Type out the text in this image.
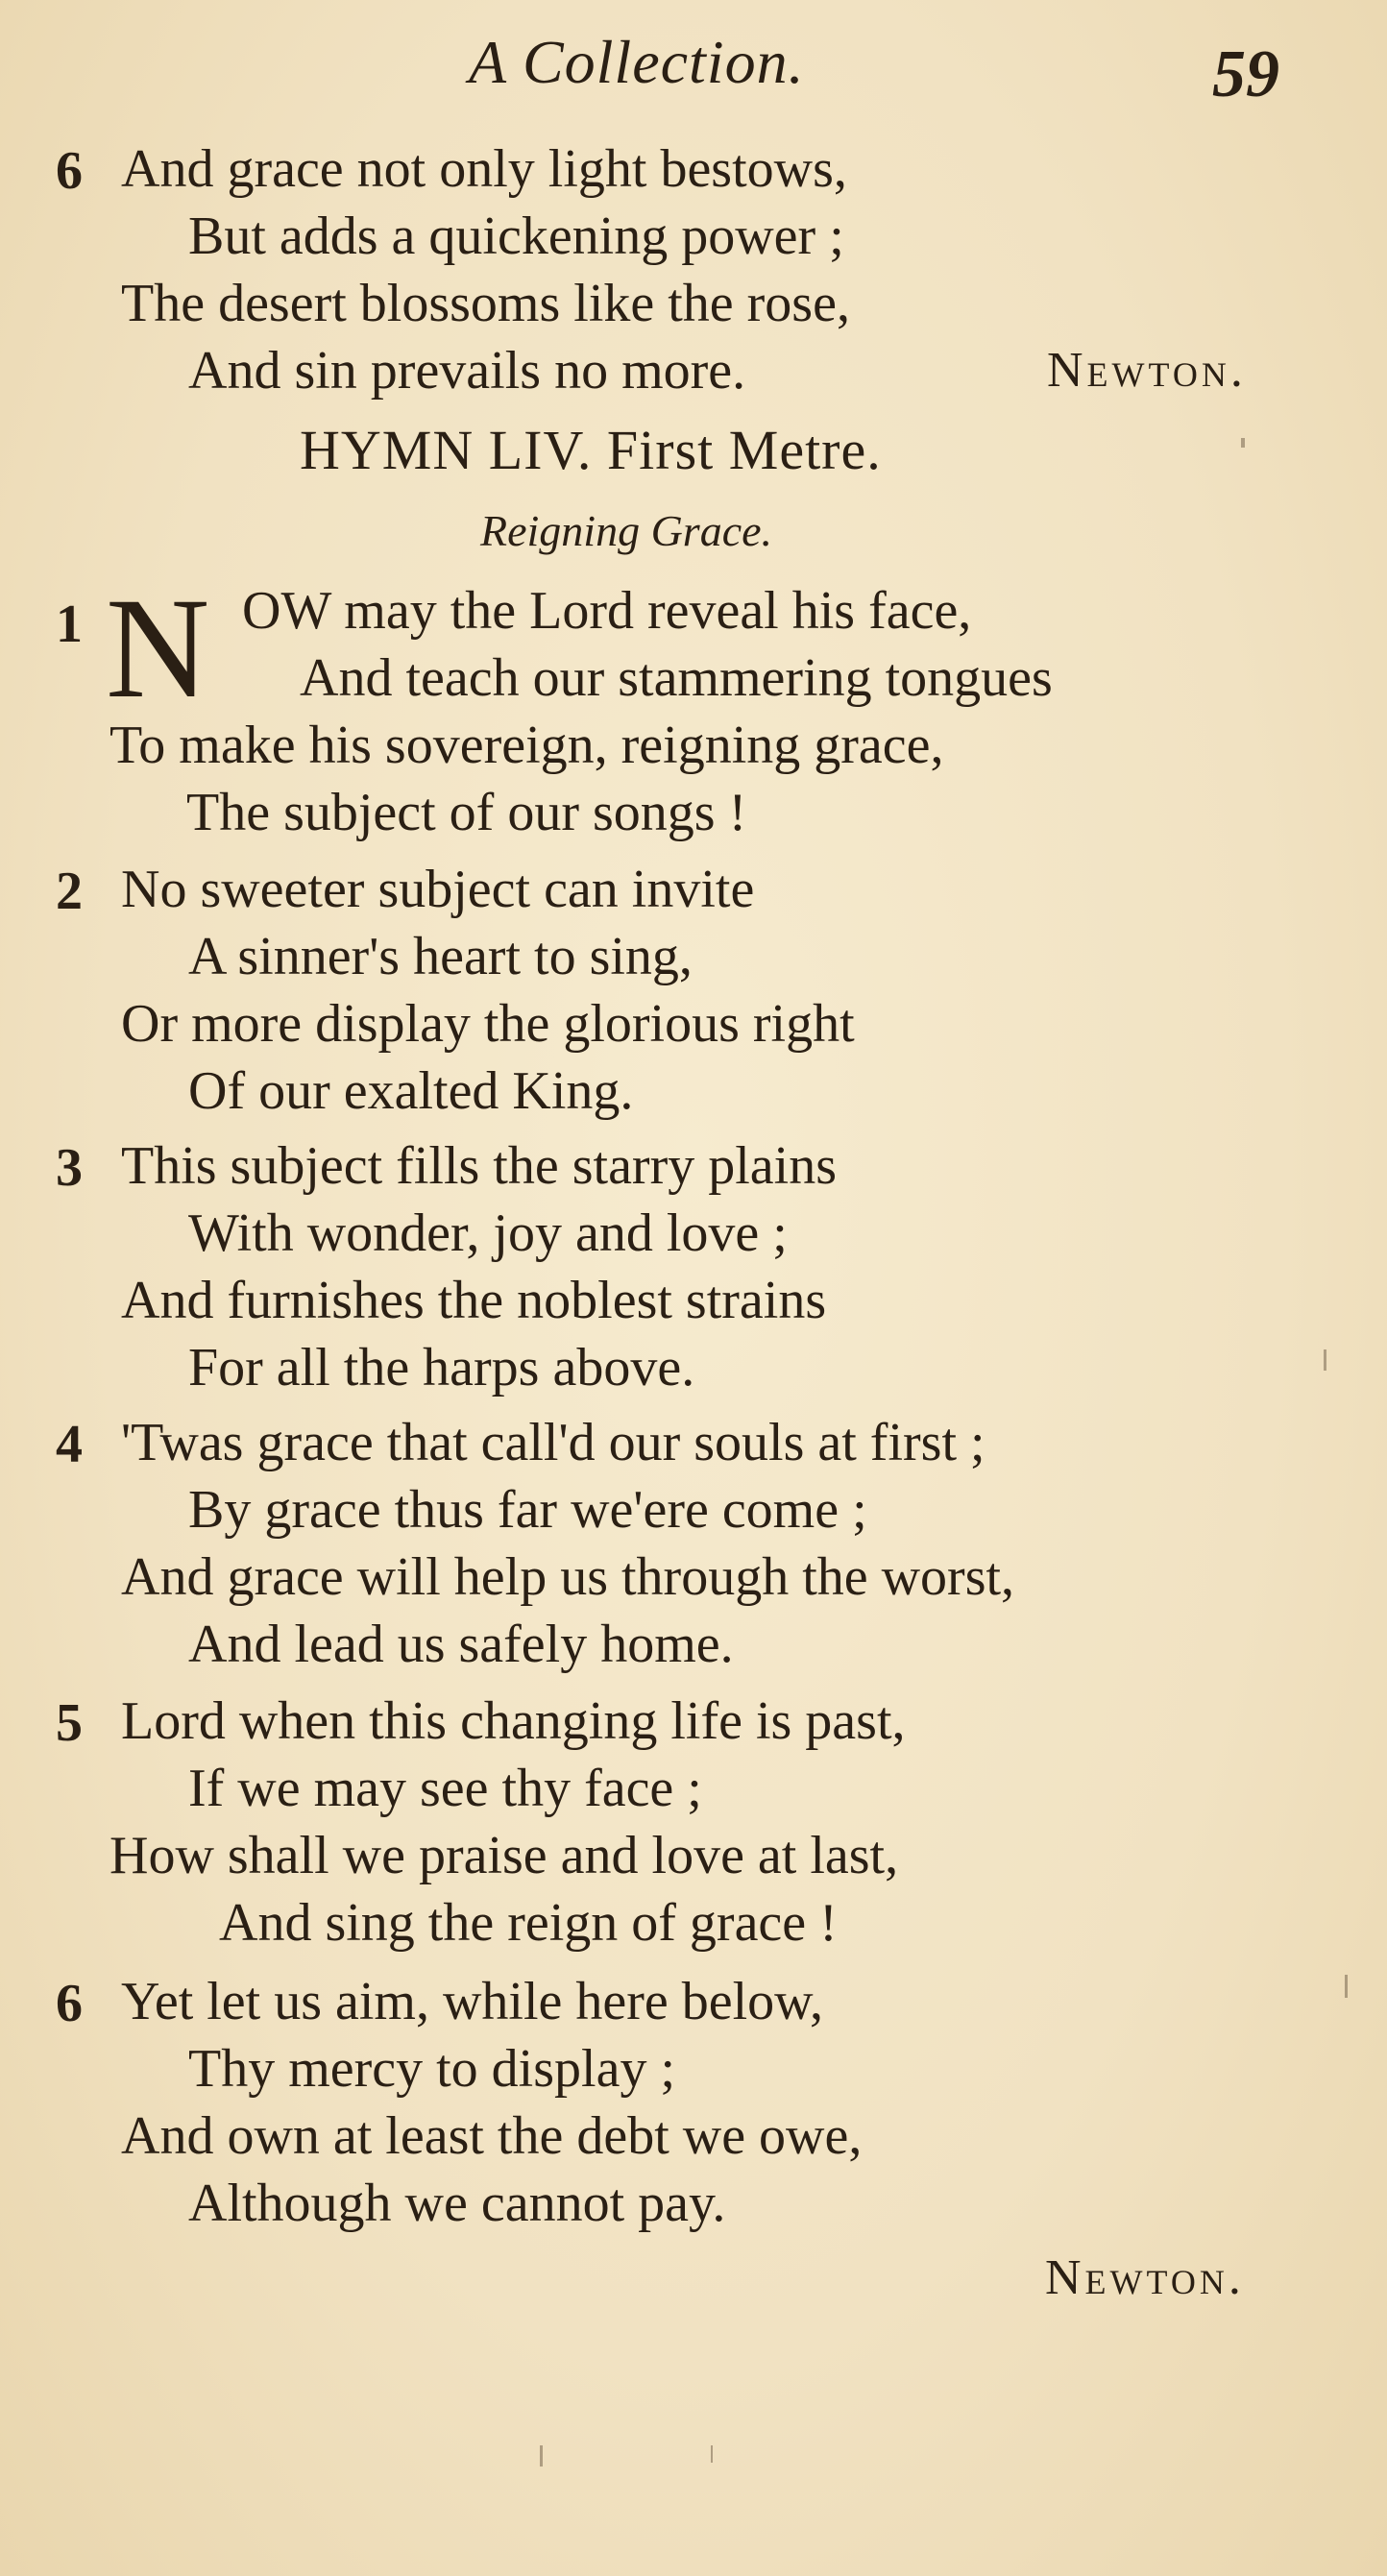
A Collection.	59
6 And grace not only light bestows,
But adds a quickening power ;
The desert blossoms like the rose,
And sin prevails no more.	Newton.
HYMN LIV. First Metre.
Reigning Grace.
1 N OW may the Lord reveal his face,
And teach our stammering tongues
To make his sovereign, reigning grace,
The subject of our songs !
2 No sweeter subject can invite
A sinner's heart to sing,
Or more display the glorious right
Of our exalted King.
3 This subject fills the starry plains
With wonder, joy and love ;
And furnishes the noblest strains
For all the harps above.
4 'Twas grace that call'd our souls at first ;
By grace thus far we'ere come ;
And grace will help us through the worst,
And lead us safely home.
5 Lord when this changing life is past,
If we may see thy face ;
How shall we praise and love at last,
And sing the reign of grace !
6 Yet let us aim, while here below,
Thy mercy to display ;
And own at least the debt we owe,
Although we cannot pay.
Newton.
